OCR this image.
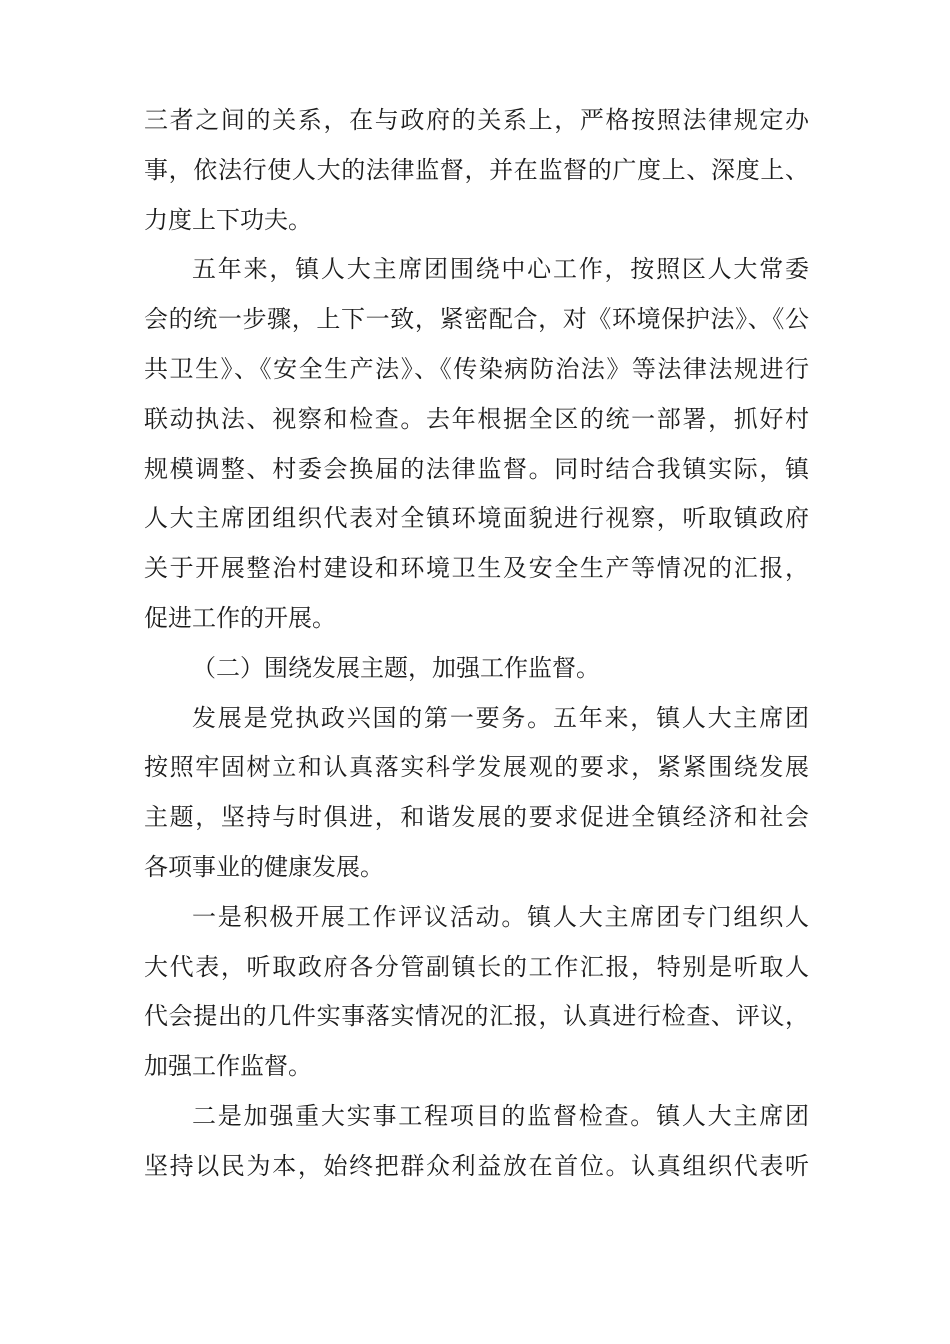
三者之间的关系，在与政府的关系上，严格按照法律规定办
事，依法行使人大的法律监督，并在监督的广度上、深度上、
力度上下功夫。
五年来，镇人大主席团围绕中心工作，按照区人大常委
会的统一步骤，上下一致，紧密配合，对《环境保护法》、《公
共卫生》、《安全生产法》、《传染病防治法》等法律法规进行
联动执法、视察和检查。去年根据全区的统一部署，抓好村
规模调整、村委会换届的法律监督。同时结合我镇实际，镇
人大主席团组织代表对全镇环境面貌进行视察，听取镇政府
关于开展整治村建设和环境卫生及安全生产等情况的汇报，
促进工作的开展。
（二）围绕发展主题，加强工作监督。
发展是党执政兴国的第一要务。五年来，镇人大主席团
按照牢固树立和认真落实科学发展观的要求，紧紧围绕发展
主题，坚持与时俱进，和谐发展的要求促进全镇经济和社会
各项事业的健康发展。
一是积极开展工作评议活动。镇人大主席团专门组织人
大代表，听取政府各分管副镇长的工作汇报，特别是听取人
代会提出的几件实事落实情况的汇报，认真进行检查、评议，
加强工作监督。
二是加强重大实事工程项目的监督检查。镇人大主席团
坚持以民为本，始终把群众利益放在首位。认真组织代表听
